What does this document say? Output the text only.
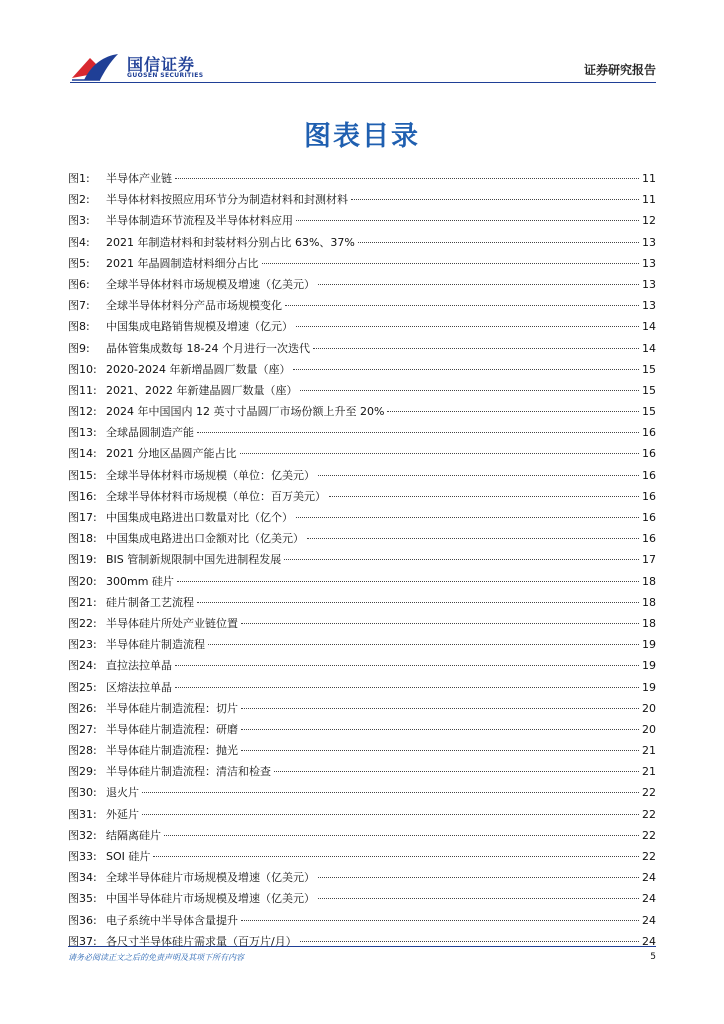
国信证券
GUOSEN SECURITIES	证券研究报告
图表目录
图1:	半导体产业链	11
图2:	半导体材料按照应用环节分为制造材料和封测材料	11
图3:	半导体制造环节流程及半导体材料应用	12
图4:	2021 年制造材料和封装材料分别占比 63%、37%	13
图5:	2021 年晶圆制造材料细分占比	13
图6:	全球半导体材料市场规模及增速（亿美元）	13
图7:	全球半导体材料分产品市场规模变化	13
图8:	中国集成电路销售规模及增速（亿元）	14
图9:	晶体管集成数每 18-24 个月进行一次迭代	14
图10: 2020-2024 年新增晶圆厂数量（座）	15
图11: 2021、2022 年新建晶圆厂数量（座）	15
图12: 2024 年中国国内 12 英寸寸晶圆厂市场份额上升至 20%	15
图13: 全球晶圆制造产能	16
图14: 2021 分地区晶圆产能占比	16
图15: 全球半导体材料市场规模（单位：亿美元）	16
图16: 全球半导体材料市场规模（单位：百万美元）	16
图17: 中国集成电路进出口数量对比（亿个）	16
图18: 中国集成电路进出口金额对比（亿美元）	16
图19: BIS 管制新规限制中国先进制程发展	17
图20: 300mm 硅片	18
图21: 硅片制备工艺流程	18
图22: 半导体硅片所处产业链位置	18
图23: 半导体硅片制造流程	19
图24: 直拉法拉单晶	19
图25: 区熔法拉单晶	19
图26: 半导体硅片制造流程：切片	20
图27: 半导体硅片制造流程：研磨	20
图28: 半导体硅片制造流程：抛光	21
图29: 半导体硅片制造流程：清洁和检查	21
图30: 退火片	22
图31: 外延片	22
图32: 结隔离硅片	22
图33: SOI 硅片	22
图34: 全球半导体硅片市场规模及增速（亿美元）	24
图35: 中国半导体硅片市场规模及增速（亿美元）	24
图36: 电子系统中半导体含量提升	24
图37: 各尺寸半导体硅片需求量（百万片/月）	24
请务必阅读正文之后的免责声明及其项下所有内容	5
